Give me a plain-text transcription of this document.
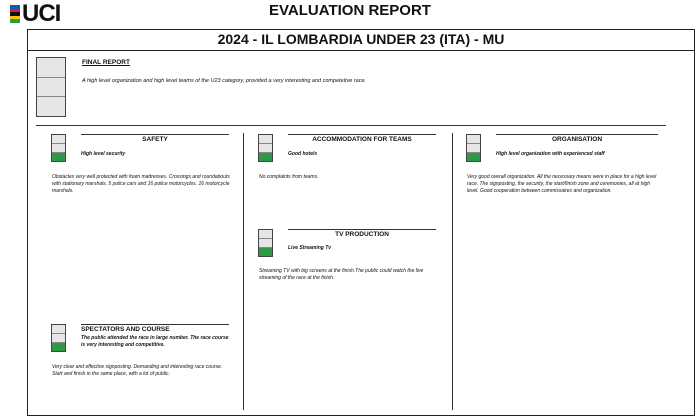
UCI	EVALUATION REPORT
2024 - IL LOMBARDIA UNDER 23 (ITA) - MU
FINAL REPORT
A high level organization and high level teams of the U23 category, provided a very interesting and competetive race.
SAFETY
High level security
Obstacles very well protected with foam mattresses. Crossings and roundabouts with stationary marshals. 5 police cars and 16 police motorcycles. 16 motorcycle marshals.
ACCOMMODATION FOR TEAMS
Good hotels
No complaints from teams.
ORGANISATION
High level organization with experienced staff
Very good overall organization. All the necessary means were in place for a high level race. The signposting, the security, the start/finish zone and ceremonies, all at high level. Good cooperation between commissaires and organization.
TV PRODUCTION
Live Streaming Tv
Streaming TV with big screens at the finish.The public could watch the live streaming of the race at the finish.
SPECTATORS AND COURSE
The public attended the race in large number. The race course is very interesting and competitive.
Very clear and effective signposting. Demanding and interesting race course. Start and finish in the same place, with a lot of public.
